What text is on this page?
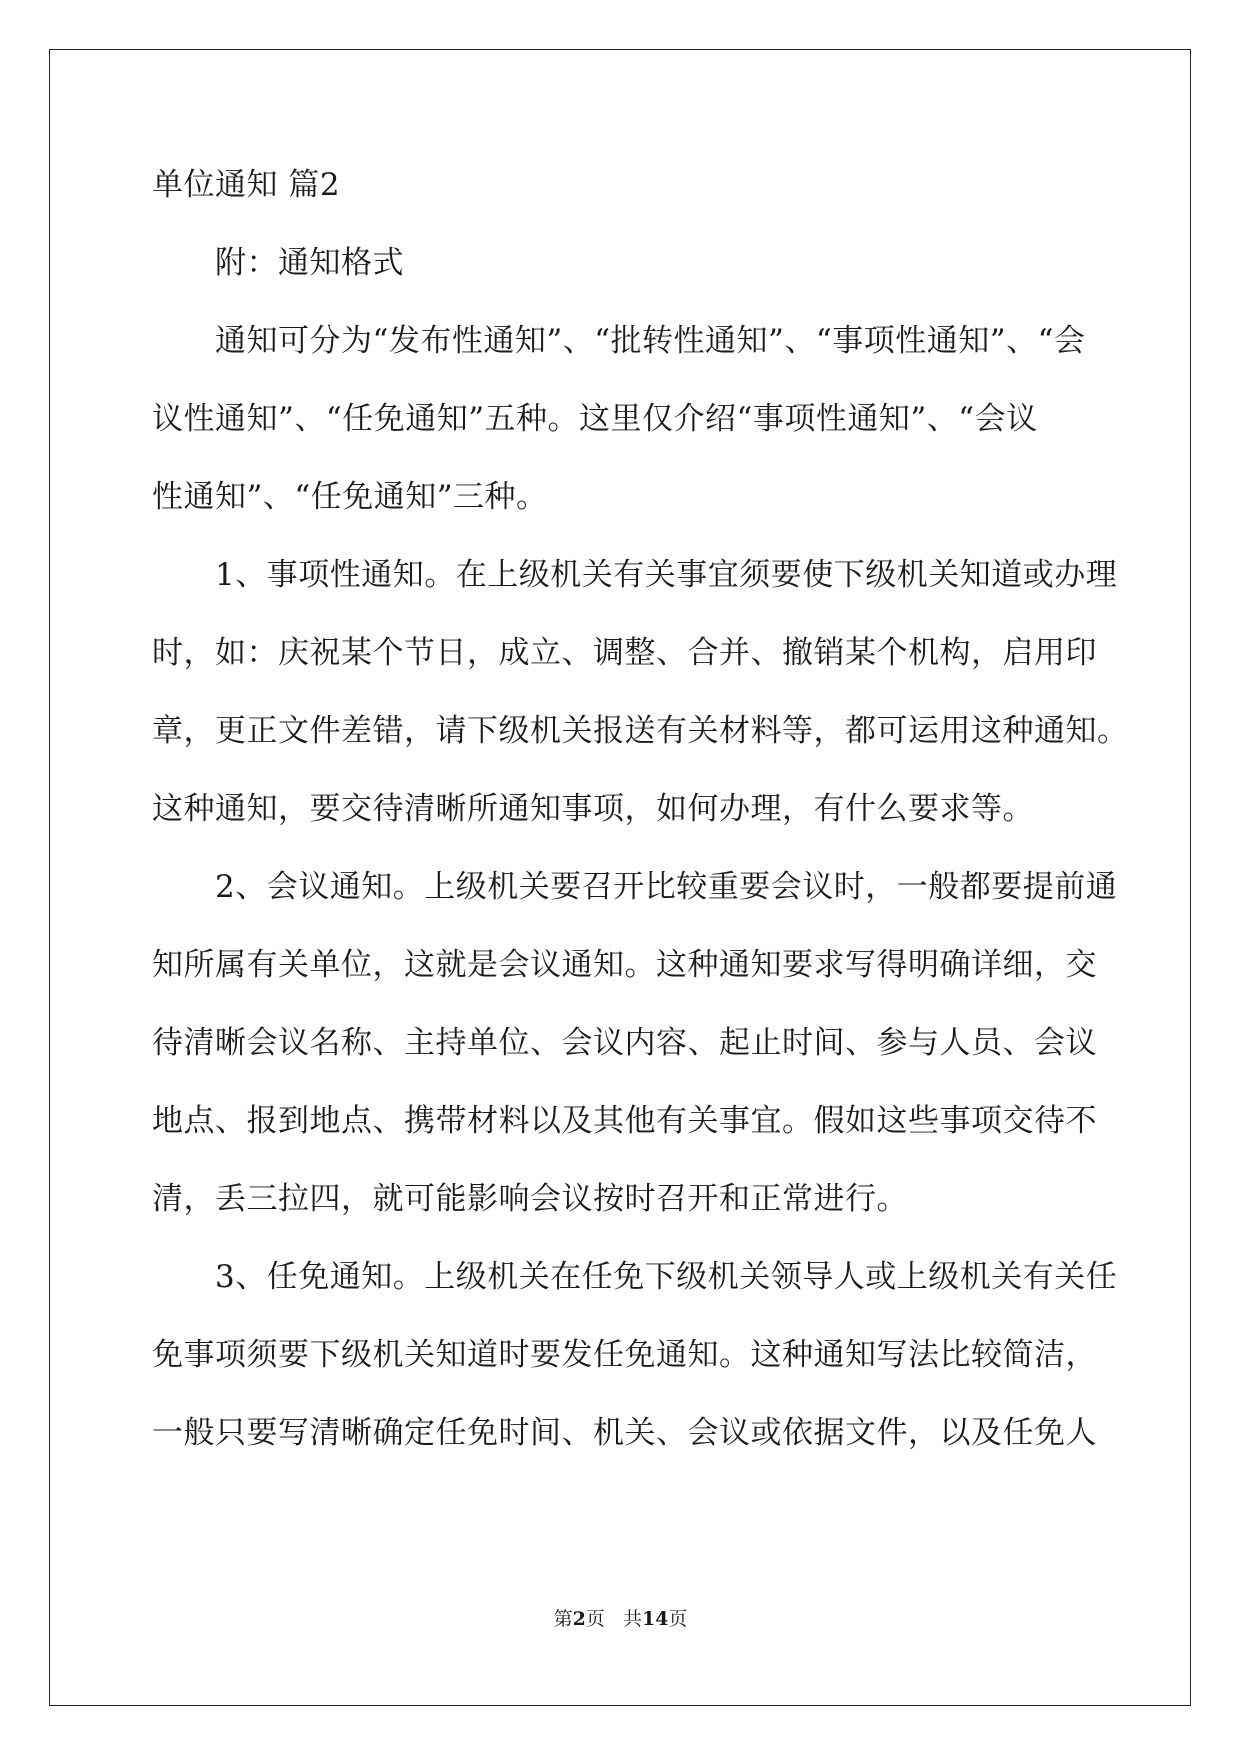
单位通知 篇2
　　附：通知格式
　　通知可分为“发布性通知”、“批转性通知”、“事项性通知”、“会
议性通知”、“任免通知”五种。这里仅介绍“事项性通知”、“会议
性通知”、“任免通知”三种。
　　1、事项性通知。在上级机关有关事宜须要使下级机关知道或办理
时，如：庆祝某个节日，成立、调整、合并、撤销某个机构，启用印
章，更正文件差错，请下级机关报送有关材料等，都可运用这种通知。
这种通知，要交待清晰所通知事项，如何办理，有什么要求等。
　　2、会议通知。上级机关要召开比较重要会议时，一般都要提前通
知所属有关单位，这就是会议通知。这种通知要求写得明确详细，交
待清晰会议名称、主持单位、会议内容、起止时间、参与人员、会议
地点、报到地点、携带材料以及其他有关事宜。假如这些事项交待不
清，丢三拉四，就可能影响会议按时召开和正常进行。
　　3、任免通知。上级机关在任免下级机关领导人或上级机关有关任
免事项须要下级机关知道时要发任免通知。这种通知写法比较简洁，
一般只要写清晰确定任免时间、机关、会议或依据文件，以及任免人
第2页 共14页
